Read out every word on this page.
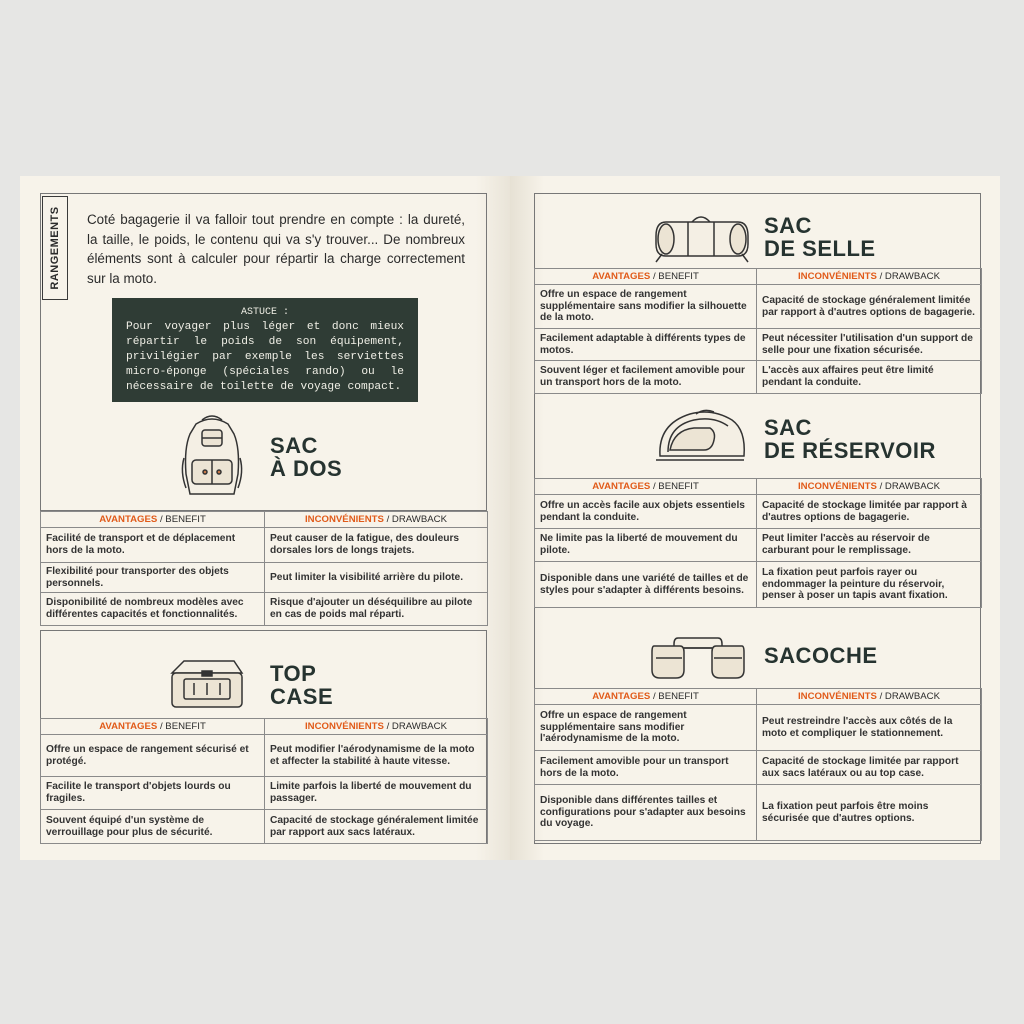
RANGEMENTS Coté bagagerie il va falloir tout prendre en compte : la dureté, la taille, le poids, le contenu qui va s'y trouver... De nombreux éléments sont à calculer pour répartir la charge correctement sur la moto.
ASTUCE :
Pour voyager plus léger et donc mieux répartir le poids de son équipement, privilégier par exemple les serviettes micro-éponge (spéciales rando) ou le nécessaire de toilette de voyage compact.
SAC
À DOS
AVANTAGES / BENEFIT	INCONVÉNIENTS / DRAWBACK
Facilité de transport et de déplacement hors de la moto.	Peut causer de la fatigue, des douleurs dorsales lors de longs trajets.
Flexibilité pour transporter des objets personnels.	Peut limiter la visibilité arrière du pilote.
Disponibilité de nombreux modèles avec différentes capacités et fonctionnalités.	Risque d'ajouter un déséquilibre au pilote en cas de poids mal réparti.
TOP
CASE
AVANTAGES / BENEFIT	INCONVÉNIENTS / DRAWBACK
Offre un espace de rangement sécurisé et protégé.	Peut modifier l'aérodynamisme de la moto et affecter la stabilité à haute vitesse.
Facilite le transport d'objets lourds ou fragiles.	Limite parfois la liberté de mouvement du passager.
Souvent équipé d'un système de verrouillage pour plus de sécurité.	Capacité de stockage généralement limitée par rapport aux sacs latéraux.
SAC
DE SELLE
AVANTAGES / BENEFIT	INCONVÉNIENTS / DRAWBACK
Offre un espace de rangement supplémentaire sans modifier la silhouette de la moto.	Capacité de stockage généralement limitée par rapport à d'autres options de bagagerie.
Facilement adaptable à différents types de motos.	Peut nécessiter l'utilisation d'un support de selle pour une fixation sécurisée.
Souvent léger et facilement amovible pour un transport hors de la moto.	L'accès aux affaires peut être limité pendant la conduite.
SAC
DE RÉSERVOIR
AVANTAGES / BENEFIT	INCONVÉNIENTS / DRAWBACK
Offre un accès facile aux objets essentiels pendant la conduite.	Capacité de stockage limitée par rapport à d'autres options de bagagerie.
Ne limite pas la liberté de mouvement du pilote.	Peut limiter l'accès au réservoir de carburant pour le remplissage.
Disponible dans une variété de tailles et de styles pour s'adapter à différents besoins.	La fixation peut parfois rayer ou endommager la peinture du réservoir, penser à poser un tapis avant fixation.
SACOCHE
AVANTAGES / BENEFIT	INCONVÉNIENTS / DRAWBACK
Offre un espace de rangement supplémentaire sans modifier l'aérodynamisme de la moto.	Peut restreindre l'accès aux côtés de la moto et compliquer le stationnement.
Facilement amovible pour un transport hors de la moto.	Capacité de stockage limitée par rapport aux sacs latéraux ou au top case.
Disponible dans différentes tailles et configurations pour s'adapter aux besoins du voyage.	La fixation peut parfois être moins sécurisée que d'autres options.
